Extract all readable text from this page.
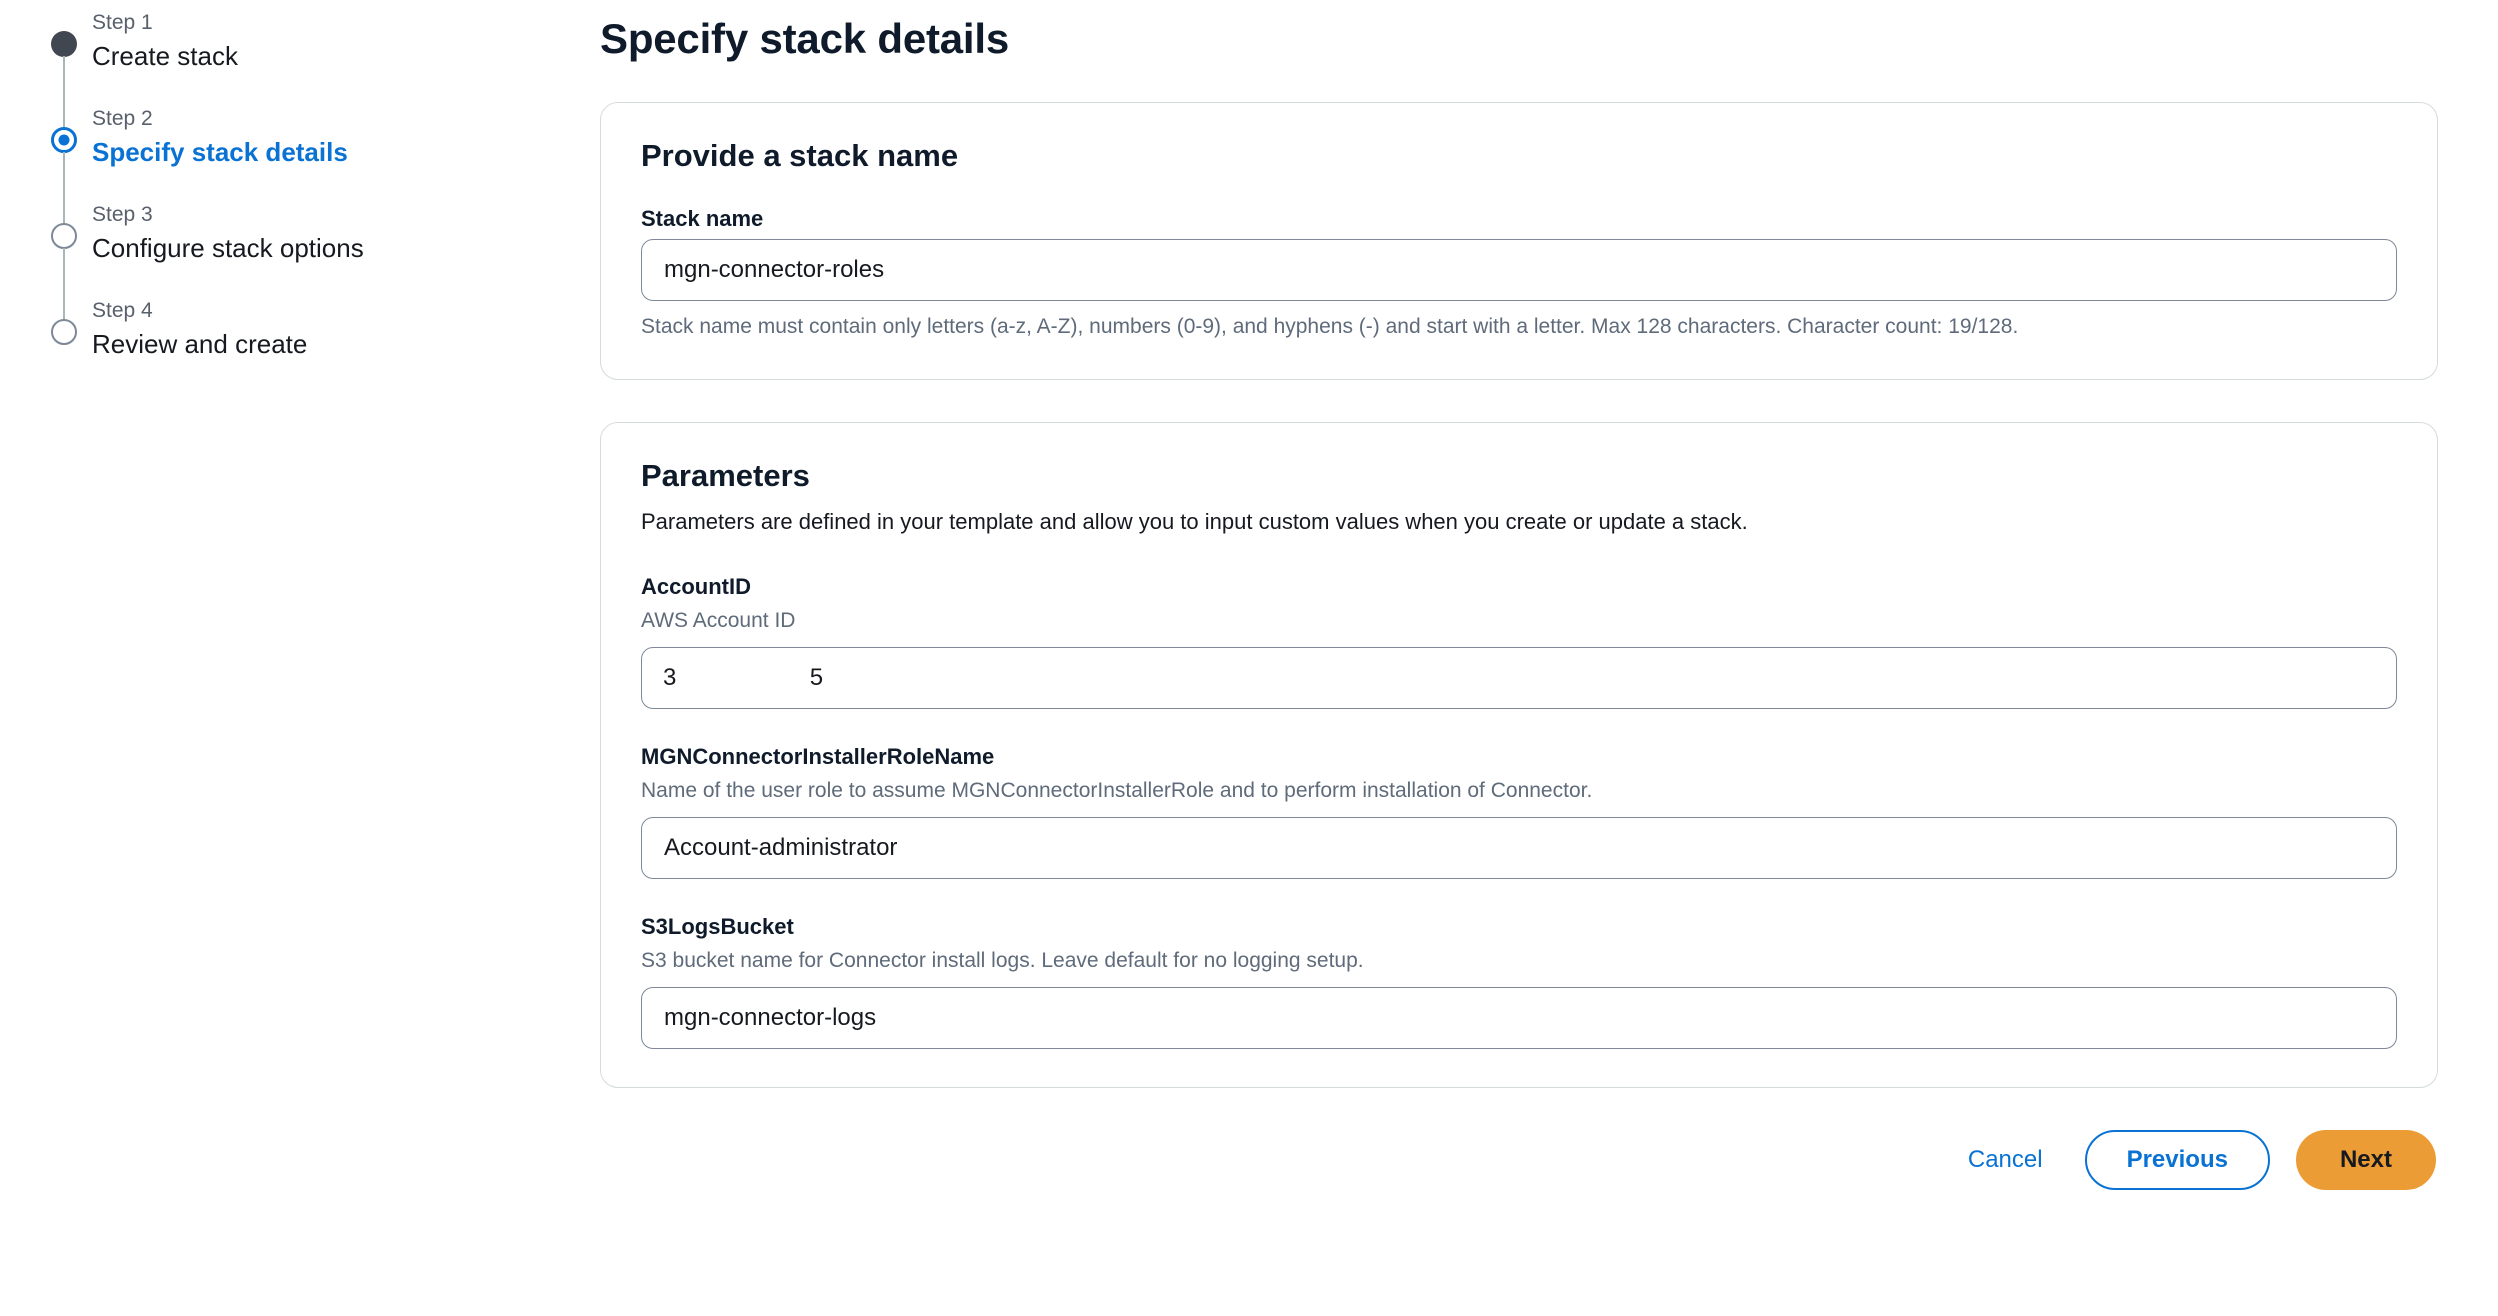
Step 1
Create stack
Step 2
Specify stack details
Step 3
Configure stack options
Step 4
Review and create
Specify stack details
Provide a stack name
Stack name
mgn-connector-roles
Stack name must contain only letters (a-z, A-Z), numbers (0-9), and hyphens (-) and start with a letter. Max 128 characters. Character count: 19/128.
Parameters
Parameters are defined in your template and allow you to input custom values when you create or update a stack.
AccountID
AWS Account ID
3                    5
MGNConnectorInstallerRoleName
Name of the user role to assume MGNConnectorInstallerRole and to perform installation of Connector.
Account-administrator
S3LogsBucket
S3 bucket name for Connector install logs. Leave default for no logging setup.
mgn-connector-logs
Cancel	Previous	Next
